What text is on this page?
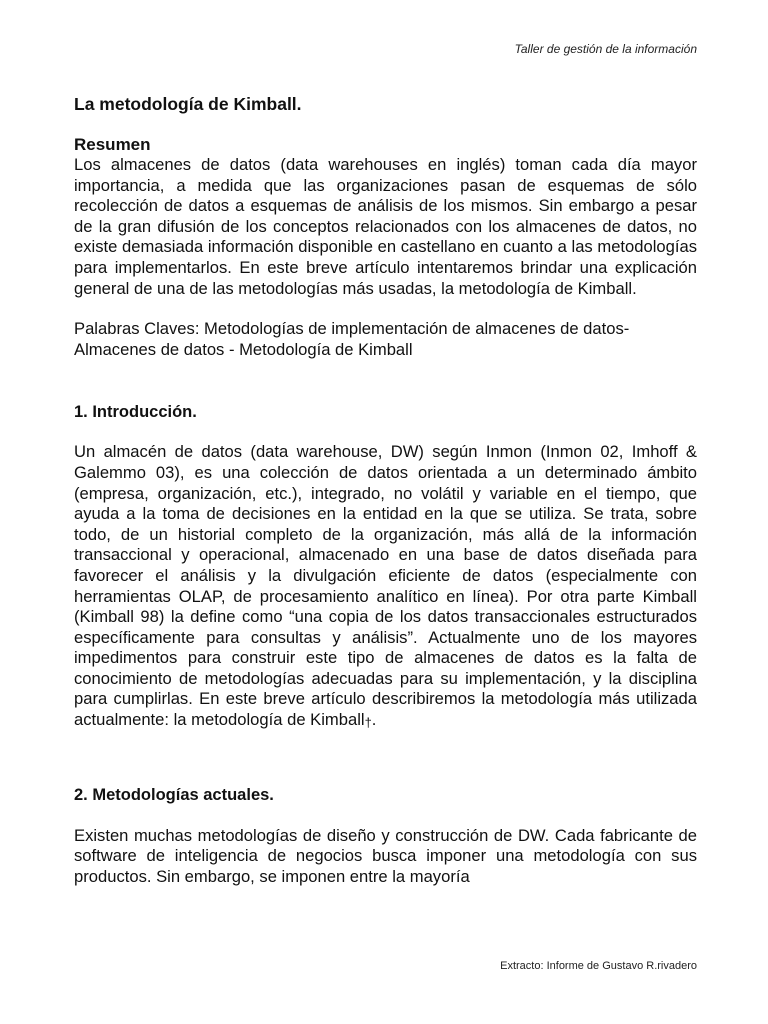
Taller de gestión de la información
La metodología de Kimball.
Resumen

Los almacenes de datos (data warehouses en inglés) toman cada día mayor importancia, a medida que las organizaciones pasan de esquemas de sólo recolección de datos a esquemas de análisis de los mismos. Sin embargo a pesar de la gran difusión de los conceptos relacionados con los almacenes de datos, no existe demasiada información disponible en castellano en cuanto a las metodologías para implementarlos. En este breve artículo intentaremos brindar una explicación general de una de las metodologías más usadas, la metodología de Kimball.

Palabras Claves: Metodologías de implementación de almacenes de datos- Almacenes de datos - Metodología de Kimball

1. Introducción.

Un almacén de datos (data warehouse, DW) según Inmon (Inmon 02, Imhoff & Galemmo 03), es una colección de datos orientada a un determinado ámbito (empresa, organización, etc.), integrado, no volátil y variable en el tiempo, que ayuda a la toma de decisiones en la entidad en la que se utiliza. Se trata, sobre todo, de un historial completo de la organización, más allá de la información transaccional y operacional, almacenado en una base de datos diseñada para favorecer el análisis y la divulgación eficiente de datos (especialmente con herramientas OLAP, de procesamiento analítico en línea). Por otra parte Kimball (Kimball 98) la define como “una copia de los datos transaccionales estructurados específicamente para consultas y análisis”. Actualmente uno de los mayores impedimentos para construir este tipo de almacenes de datos es la falta de conocimiento de metodologías adecuadas para su implementación, y la disciplina para cumplirlas. En este breve artículo describiremos la metodología más utilizada actualmente: la metodología de Kimball†.

2. Metodologías actuales.

Existen muchas metodologías de diseño y construcción de DW. Cada fabricante de software de inteligencia de negocios busca imponer una metodología con sus productos. Sin embargo, se imponen entre la mayoría

Extracto: Informe de Gustavo R.rivadero
